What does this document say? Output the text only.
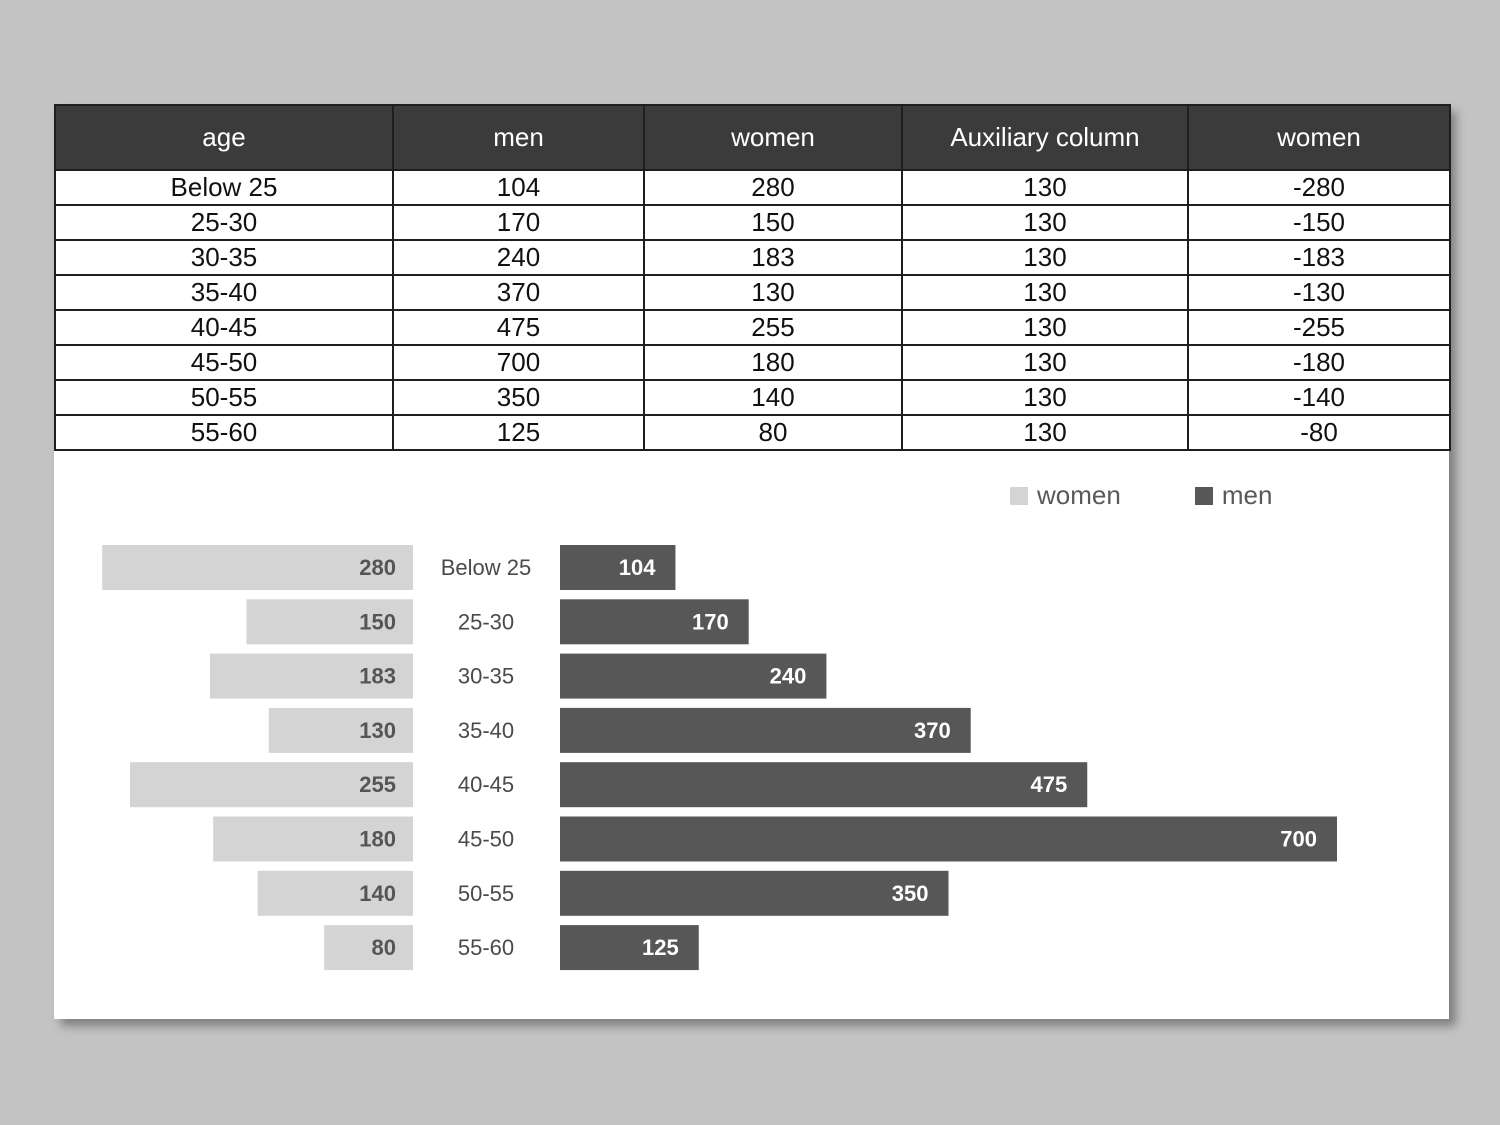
age	men	women	Auxiliary column	women
Below 25	104	280	130	-280
25-30	170	150	130	-150
30-35	240	183	130	-183
35-40	370	130	130	-130
40-45	475	255	130	-255
45-50	700	180	130	-180
50-55	350	140	130	-140
55-60	125	80	130	-80
women	men
280 Below 25	104
150	25-30	170
183	30-35	240
130	35-40	370
255	40-45	475
180	45-50	700
140	50-55	350
80	55-60	125
